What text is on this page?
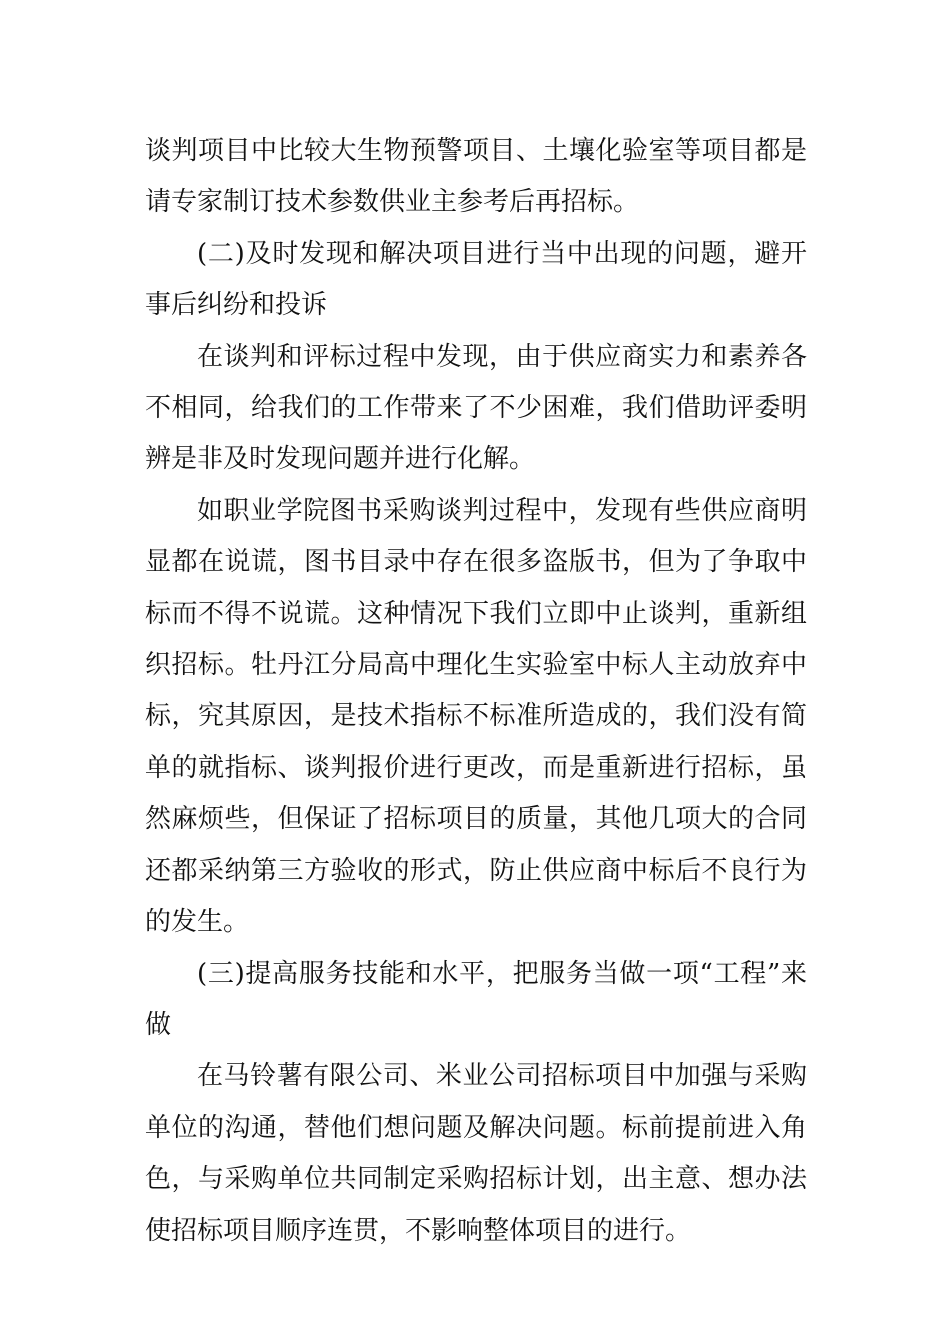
谈判项目中比较大生物预警项目、土壤化验室等项目都是请专家制订技术参数供业主参考后再招标。

(二)及时发现和解决项目进行当中出现的问题，避开事后纠纷和投诉

在谈判和评标过程中发现，由于供应商实力和素养各不相同，给我们的工作带来了不少困难，我们借助评委明辨是非及时发现问题并进行化解。

如职业学院图书采购谈判过程中，发现有些供应商明显都在说谎，图书目录中存在很多盗版书，但为了争取中标而不得不说谎。这种情况下我们立即中止谈判，重新组织招标。牡丹江分局高中理化生实验室中标人主动放弃中标，究其原因，是技术指标不标准所造成的，我们没有简单的就指标、谈判报价进行更改，而是重新进行招标，虽然麻烦些，但保证了招标项目的质量，其他几项大的合同还都采纳第三方验收的形式，防止供应商中标后不良行为的发生。

(三)提高服务技能和水平，把服务当做一项“工程”来做

在马铃薯有限公司、米业公司招标项目中加强与采购单位的沟通，替他们想问题及解决问题。标前提前进入角色，与采购单位共同制定采购招标计划，出主意、想办法使招标项目顺序连贯，不影响整体项目的进行。
